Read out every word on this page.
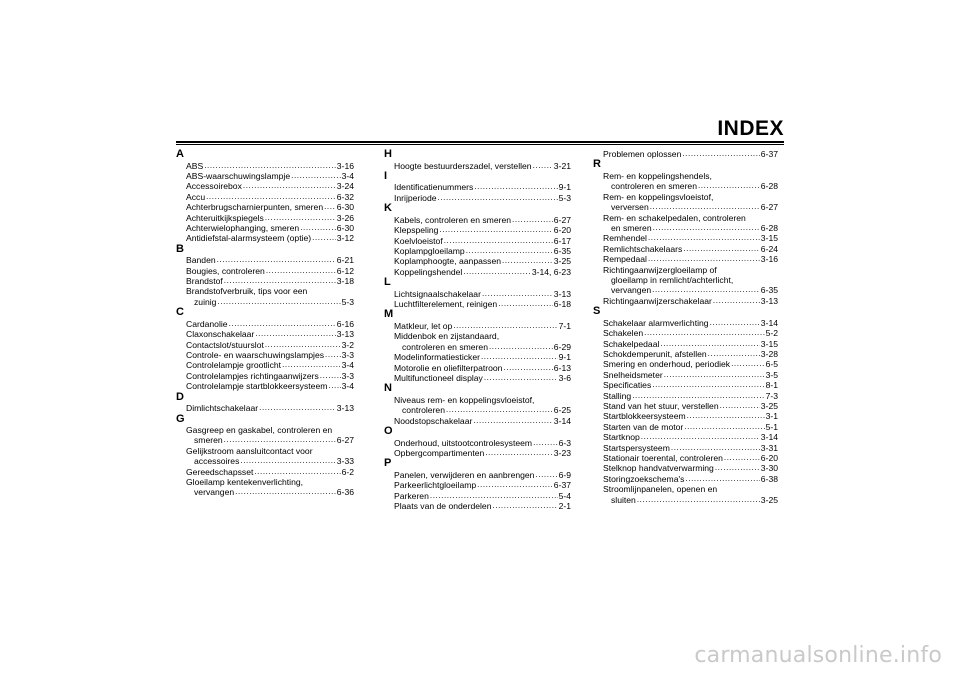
INDEX
A
ABS .....	3-16
ABS-waarschuwingslampje .....	3-4
Accessoirebox .....	3-24
Accu .....	6-32
Achterbrugscharnierpunten, smeren ..... 6-30
Achteruitkijkspiegels .....	3-26
Achterwielophanging, smeren .....	6-30
Antidiefstal-alarmsysteem (optie) .....	3-12
B
Banden .....	6-21
Bougies, controleren .....	6-12
Brandstof .....	3-18
Brandstofverbruik, tips voor een
zuinig .....	5-3
C
Cardanolie .....	6-16
Claxonschakelaar .....	3-13
Contactslot/stuurslot .....	3-2
Controle- en waarschuwingslampjes ..... 3-3
Controlelampje grootlicht .....	3-4
Controlelampjes richtingaanwijzers .....	3-3
Controlelampje startblokkeersysteem ..... 3-4
D
Dimlichtschakelaar .....	3-13
G
Gasgreep en gaskabel, controleren en
smeren .....	6-27
Gelijkstroom aansluitcontact voor
accessoires .....	3-33
Gereedschapsset .....	6-2
Gloeilamp kentekenverlichting,
vervangen .....	6-36
H
Hoogte bestuurderszadel, verstellen .....	3-21
I
Identificatienummers .....	9-1
Inrijperiode .....	5-3
K
Kabels, controleren en smeren .....	6-27
Klepspeling .....	6-20
Koelvloeistof .....	6-17
Koplampgloeilamp .....	6-35
Koplamphoogte, aanpassen .....	3-25
Koppelingshendel .....	3-14, 6-23
L
Lichtsignaalschakelaar .....	3-13
Luchtfilterelement, reinigen .....	6-18
M
Matkleur, let op .....	7-1
Middenbok en zijstandaard,
controleren en smeren .....	6-29
Modelinformatiesticker .....	9-1
Motorolie en oliefilterpatroon .....	6-13
Multifunctioneel display .....	3-6
N
Niveaus rem- en koppelingsvloeistof,
controleren .....	6-25
Noodstopschakelaar .....	3-14
O
Onderhoud, uitstootcontrolesysteem .....	6-3
Opbergcompartimenten .....	3-23
P
Panelen, verwijderen en aanbrengen .....	6-9
Parkeerlichtgloeilamp .....	6-37
Parkeren .....	5-4
Plaats van de onderdelen .....	2-1
Problemen oplossen .....	6-37
R
Rem- en koppelingshendels,
controleren en smeren .....	6-28
Rem- en koppelingsvloeistof,
verversen .....	6-27
Rem- en schakelpedalen, controleren
en smeren .....	6-28
Remhendel .....	3-15
Remlichtschakelaars .....	6-24
Rempedaal .....	3-16
Richtingaanwijzergloeilamp of
gloeilamp in remlicht/achterlicht,
vervangen .....	6-35
Richtingaanwijzerschakelaar .....	3-13
S
Schakelaar alarmverlichting .....	3-14
Schakelen .....	5-2
Schakelpedaal .....	3-15
Schokdemperunit, afstellen .....	3-28
Smering en onderhoud, periodiek .....	6-5
Snelheidsmeter .....	3-5
Specificaties .....	8-1
Stalling .....	7-3
Stand van het stuur, verstellen .....	3-25
Startblokkeersysteem .....	3-1
Starten van de motor .....	5-1
Startknop .....	3-14
Startspersysteem .....	3-31
Stationair toerental, controleren .....	6-20
Stelknop handvatverwarming .....	3-30
Storingzoekschema's .....	6-38
Stroomlijnpanelen, openen en
sluiten .....	3-25
carmanualsonline.info
